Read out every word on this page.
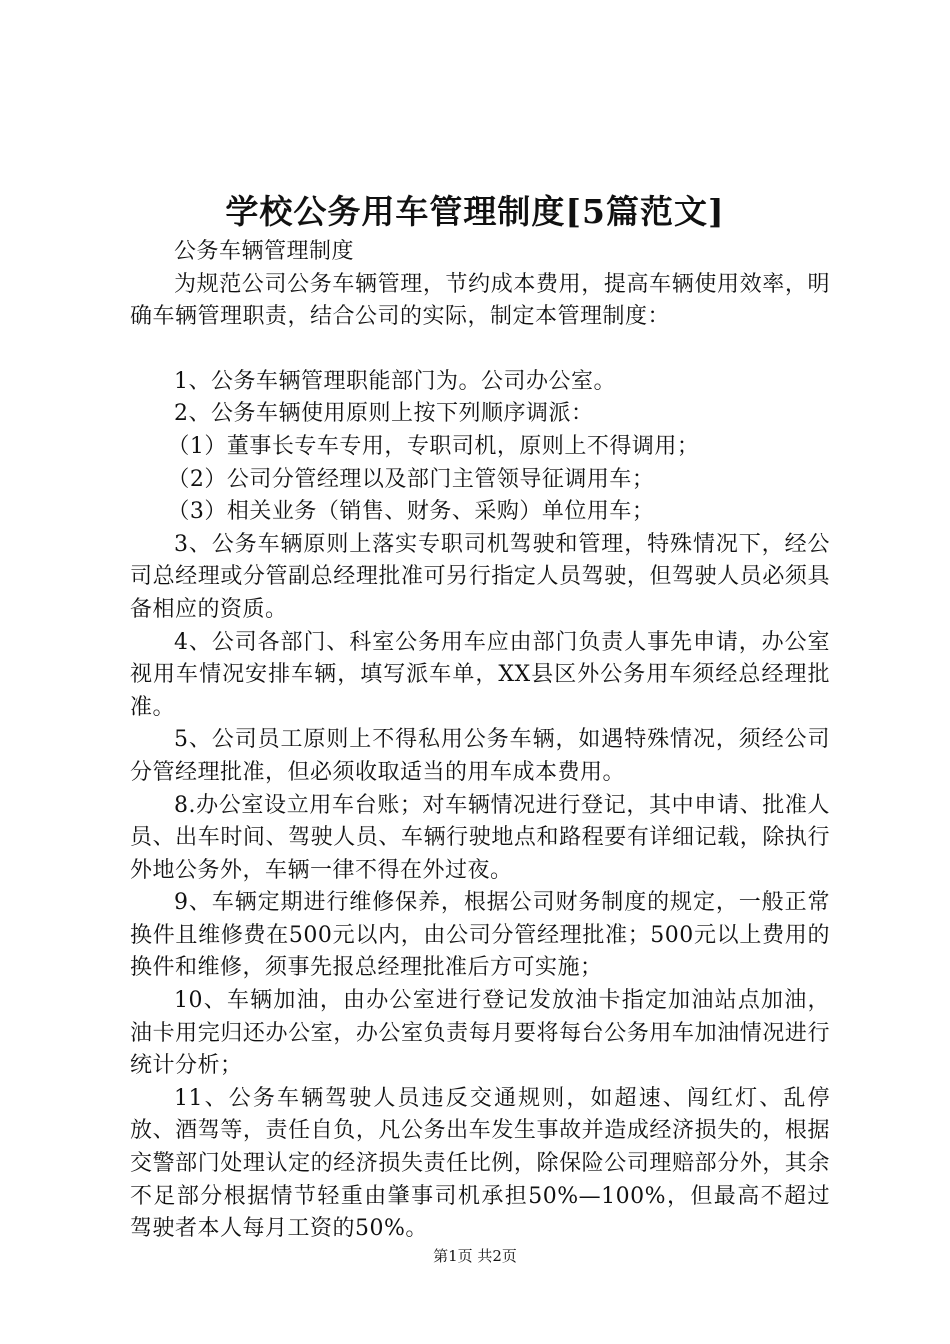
学校公务用车管理制度[5篇范文]

公务车辆管理制度

为规范公司公务车辆管理，节约成本费用，提高车辆使用效率，明确车辆管理职责，结合公司的实际，制定本管理制度：

1、公务车辆管理职能部门为。公司办公室。

2、公务车辆使用原则上按下列顺序调派：

（1）董事长专车专用，专职司机，原则上不得调用；

（2）公司分管经理以及部门主管领导征调用车；

（3）相关业务（销售、财务、采购）单位用车；

3、公务车辆原则上落实专职司机驾驶和管理，特殊情况下，经公司总经理或分管副总经理批准可另行指定人员驾驶，但驾驶人员必须具备相应的资质。

4、公司各部门、科室公务用车应由部门负责人事先申请，办公室视用车情况安排车辆，填写派车单，XX县区外公务用车须经总经理批准。

5、公司员工原则上不得私用公务车辆，如遇特殊情况，须经公司分管经理批准，但必须收取适当的用车成本费用。

8.办公室设立用车台账；对车辆情况进行登记，其中申请、批准人员、出车时间、驾驶人员、车辆行驶地点和路程要有详细记载，除执行外地公务外，车辆一律不得在外过夜。

9、车辆定期进行维修保养，根据公司财务制度的规定，一般正常换件且维修费在500元以内，由公司分管经理批准；500元以上费用的换件和维修，须事先报总经理批准后方可实施；

10、车辆加油，由办公室进行登记发放油卡指定加油站点加油，油卡用完归还办公室，办公室负责每月要将每台公务用车加油情况进行统计分析；

11、公务车辆驾驶人员违反交通规则，如超速、闯红灯、乱停放、酒驾等，责任自负，凡公务出车发生事故并造成经济损失的，根据交警部门处理认定的经济损失责任比例，除保险公司理赔部分外，其余不足部分根据情节轻重由肇事司机承担50%—100%，但最高不超过驾驶者本人每月工资的50%。

第1页 共2页
